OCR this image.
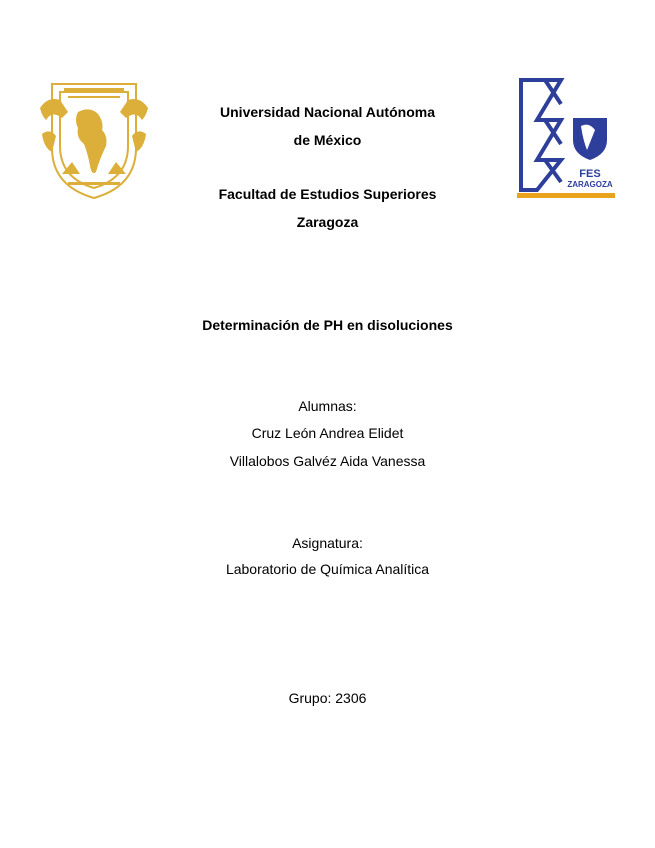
FES
ZARAGOZA
Universidad Nacional Autónoma
de México
Facultad de Estudios Superiores
Zaragoza
Determinación de PH en disoluciones
Alumnas:
Cruz León Andrea Elidet
Villalobos Galvéz Aida Vanessa
Asignatura:
Laboratorio de Química Analítica
Grupo: 2306
